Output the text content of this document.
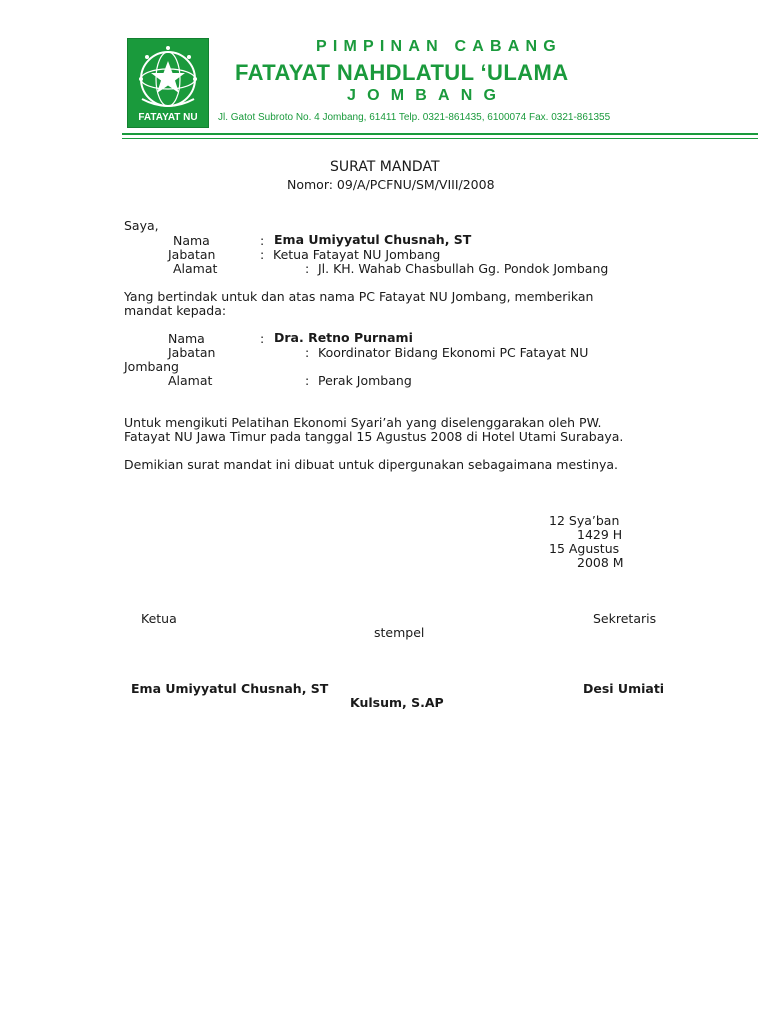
FATAYAT NU
PIMPINAN CABANG
FATAYAT NAHDLATUL ‘ULAMA
JOMBANG
Jl. Gatot Subroto No. 4 Jombang, 61411 Telp. 0321-861435, 6100074 Fax. 0321-861355
SURAT MANDAT
Nomor: 09/A/PCFNU/SM/VIII/2008
Saya,
Nama	: Ema Umiyyatul Chusnah, ST
Jabatan	: Ketua Fatayat NU Jombang
Alamat	: Jl. KH. Wahab Chasbullah Gg. Pondok Jombang
Yang bertindak untuk dan atas nama PC Fatayat NU Jombang, memberikan
mandat kepada:
Nama	: Dra. Retno Purnami
Jabatan	: Koordinator Bidang Ekonomi PC Fatayat NU
Jombang
Alamat	: Perak Jombang
Untuk mengikuti Pelatihan Ekonomi Syari’ah yang diselenggarakan oleh PW.
Fatayat NU Jawa Timur pada tanggal 15 Agustus 2008 di Hotel Utami Surabaya.
Demikian surat mandat ini dibuat untuk dipergunakan sebagaimana mestinya.
12 Sya’ban
1429 H
15 Agustus
2008 M
Ketua	Sekretaris
stempel
Ema Umiyyatul Chusnah, ST	Desi Umiati
Kulsum, S.AP
